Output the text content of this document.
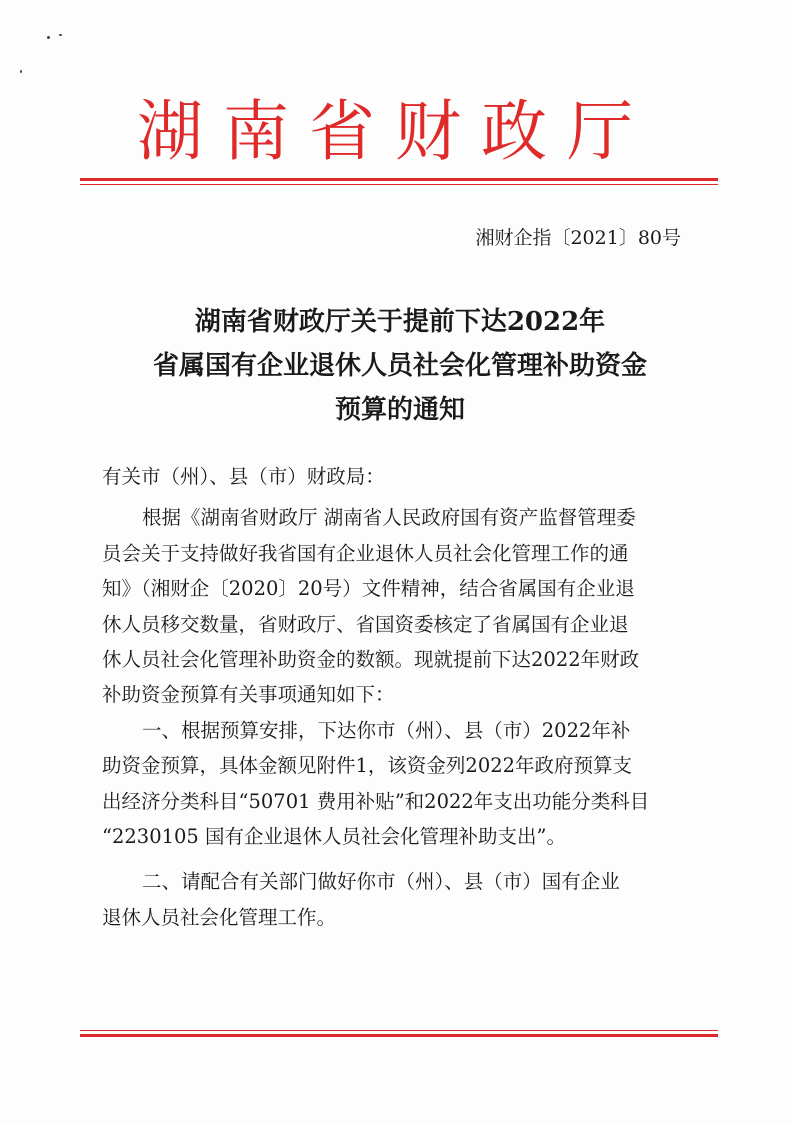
湖南省财政厅
湘财企指〔2021〕80号
湖南省财政厅关于提前下达2022年
省属国有企业退休人员社会化管理补助资金
预算的通知
有关市（州）、县（市）财政局：
根据《湖南省财政厅 湖南省人民政府国有资产监督管理委
员会关于支持做好我省国有企业退休人员社会化管理工作的通
知》（湘财企〔2020〕20号）文件精神，结合省属国有企业退
休人员移交数量，省财政厅、省国资委核定了省属国有企业退
休人员社会化管理补助资金的数额。现就提前下达2022年财政
补助资金预算有关事项通知如下：
一、根据预算安排，下达你市（州）、县（市）2022年补
助资金预算，具体金额见附件1，该资金列2022年政府预算支
出经济分类科目“50701 费用补贴”和2022年支出功能分类科目
“2230105 国有企业退休人员社会化管理补助支出”。
二、请配合有关部门做好你市（州）、县（市）国有企业
退休人员社会化管理工作。
